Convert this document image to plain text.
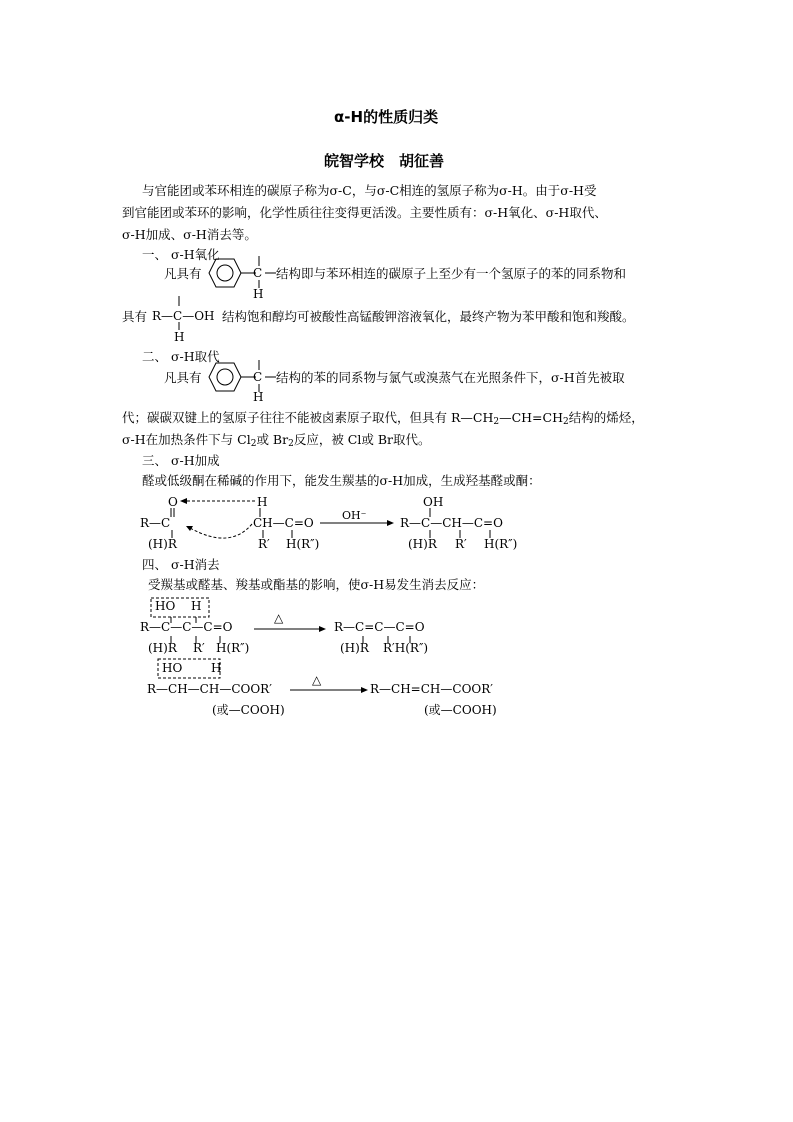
α-H的性质归类
皖智学校　胡征善
与官能团或苯环相连的碳原子称为σ-C，与σ-C相连的氢原子称为σ-H。由于σ-H受
到官能团或苯环的影响，化学性质往往变得更活泼。主要性质有：σ-H氧化、σ-H取代、
σ-H加成、σ-H消去等。
一、 σ-H氧化
凡具有	C
H
结构即与苯环相连的碳原子上至少有一个氢原子的苯的同系物和
具有 R—C—OH
H
结构饱和醇均可被酸性高锰酸钾溶液氧化，最终产物为苯甲酸和饱和羧酸。
二、 σ-H取代
凡具有	C
H
结构的苯的同系物与氯气或溴蒸气在光照条件下，σ-H首先被取
代；碳碳双键上的氢原子往往不能被卤素原子取代，但具有 $R—CH_2—CH=CH_2$结构的烯烃，
σ-H在加热条件下与 $Cl_2$或 $Br_2$反应，被 Cl或 Br取代。
三、 σ-H加成
醛或低级酮在稀碱的作用下，能发生羰基的σ-H加成，生成羟基醛或酮：
O
R—C
(H)R
H
CH—C=O
R′ H(R″)
OH⁻
OH
R—C—CH—C=O
(H)R R′ H(R″)
四、 σ-H消去
受羰基或醛基、羧基或酯基的影响，使σ-H易发生消去反应：
HO H
R—C—C—C=O
(H)R R′ H(R″)
△
R—C=C—C=O
(H)R R′H(R″)
HO H
R—CH—CH—COOR′
(或—COOH)
△
R—CH=CH—COOR′
(或—COOH)
